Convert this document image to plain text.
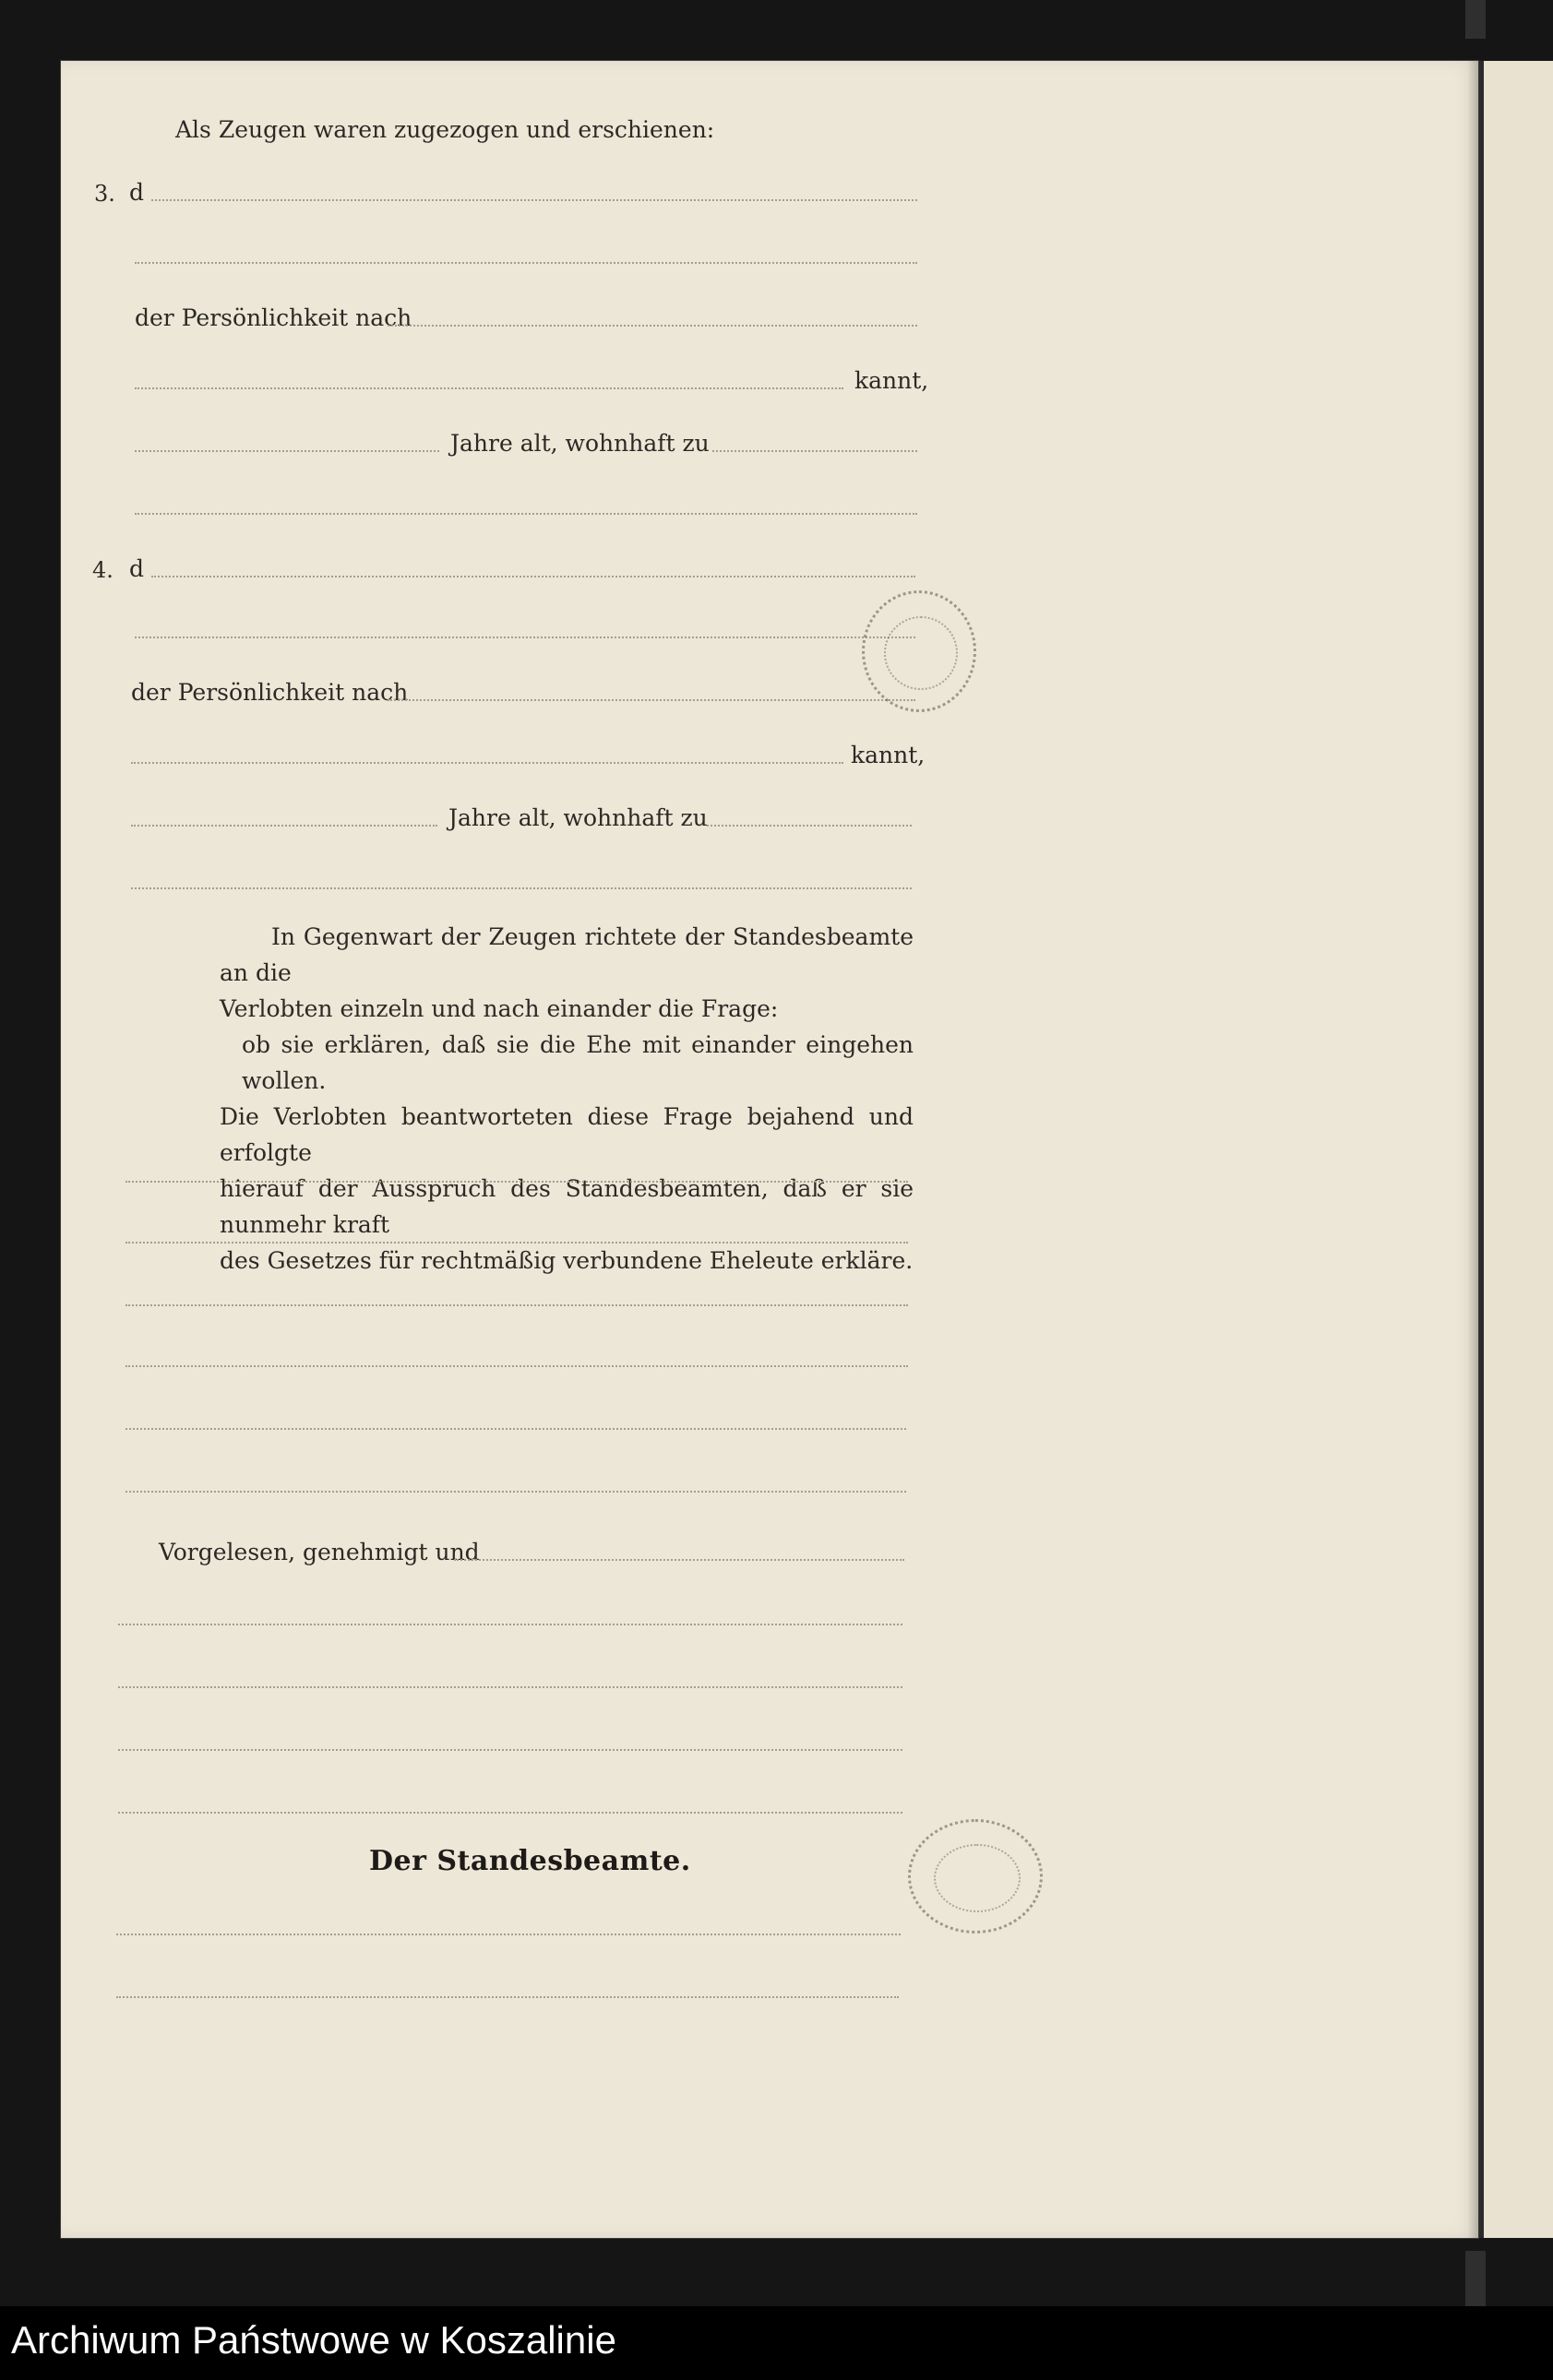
Als Zeugen waren zugezogen und erschienen:
3. d
der Persönlichkeit nach
kannt,
Jahre alt, wohnhaft zu
4. d
der Persönlichkeit nach
kannt,
Jahre alt, wohnhaft zu
In Gegenwart der Zeugen richtete der Standesbeamte an die
Verlobten einzeln und nach einander die Frage:
ob sie erklären, daß sie die Ehe mit einander eingehen wollen.
Die Verlobten beantworteten diese Frage bejahend und erfolgte
hierauf der Ausspruch des Standesbeamten, daß er sie nunmehr kraft
des Gesetzes für rechtmäßig verbundene Eheleute erkläre.
Vorgelesen, genehmigt und
Der Standesbeamte.
Archiwum Państwowe w Koszalinie
